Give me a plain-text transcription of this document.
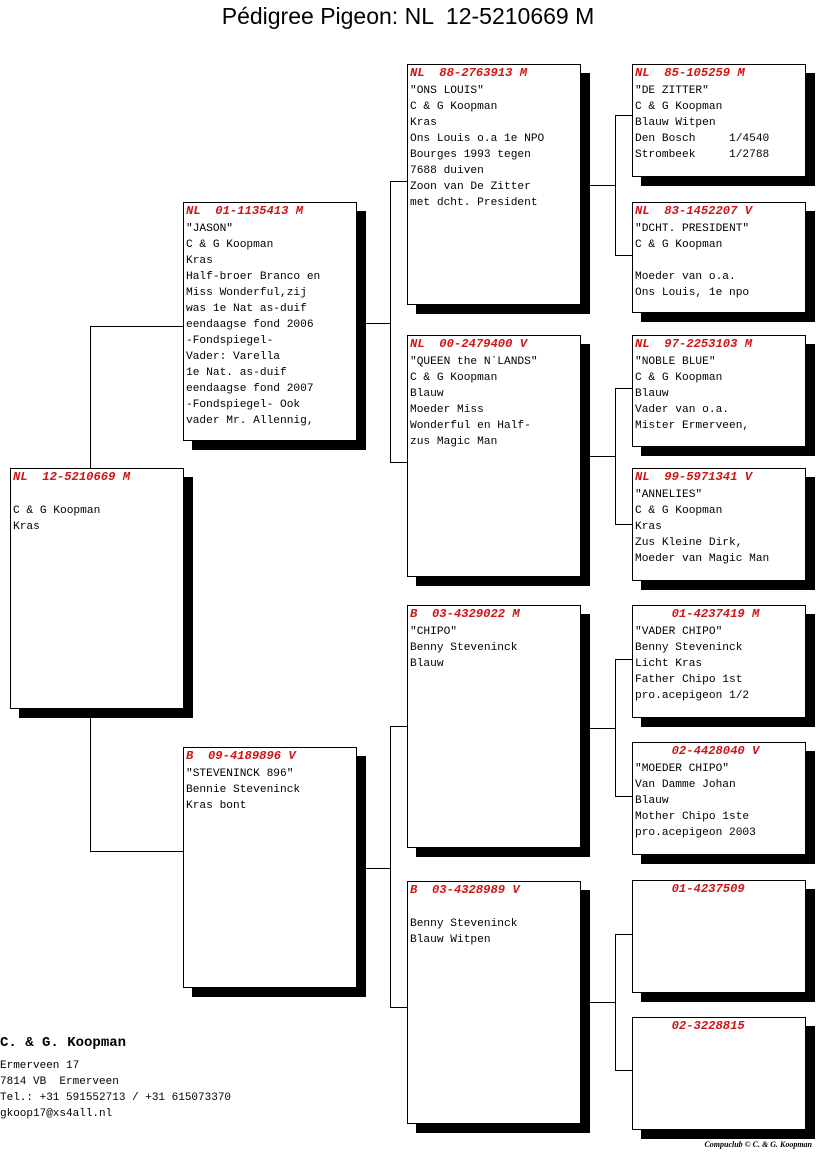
Pédigree Pigeon: NL  12-5210669 M
NL  12-5210669 M
C & G Koopman
Kras
NL  01-1135413 M
"JASON"
C & G Koopman
Kras
Half-broer Branco en
Miss Wonderful,zij
was 1e Nat as-duif
eendaagse fond 2006
-Fondspiegel-
Vader: Varella
1e Nat. as-duif
eendaagse fond 2007
-Fondspiegel- Ook
vader Mr. Allennig,
B  09-4189896 V
"STEVENINCK 896"
Bennie Steveninck
Kras bont
NL  88-2763913 M
"ONS LOUIS"
C & G Koopman
Kras
Ons Louis o.a 1e NPO
Bourges 1993 tegen
7688 duiven
Zoon van De Zitter
met dcht. President
NL  00-2479400 V
"QUEEN the N`LANDS"
C & G Koopman
Blauw
Moeder Miss
Wonderful en Half-
zus Magic Man
B  03-4329022 M
"CHIPO"
Benny Steveninck
Blauw
B  03-4328989 V
Benny Steveninck
Blauw Witpen
NL  85-105259 M
"DE ZITTER"
C & G Koopman
Blauw Witpen
Den Bosch     1/4540
Strombeek     1/2788
NL  83-1452207 V
"DCHT. PRESIDENT"
C & G Koopman
Moeder van o.a.
Ons Louis, 1e npo
NL  97-2253103 M
"NOBLE BLUE"
C & G Koopman
Blauw
Vader van o.a.
Mister Ermerveen,
NL  99-5971341 V
"ANNELIES"
C & G Koopman
Kras
Zus Kleine Dirk,
Moeder van Magic Man
01-4237419 M
"VADER CHIPO"
Benny Steveninck
Licht Kras
Father Chipo 1st
pro.acepigeon 1/2
02-4428040 V
"MOEDER CHIPO"
Van Damme Johan
Blauw
Mother Chipo 1ste
pro.acepigeon 2003
01-4237509
02-3228815
C. & G. Koopman
Ermerveen 17
7814 VB  Ermerveen
Tel.: +31 591552713 / +31 615073370
gkoop17@xs4all.nl
Compuclub © C. & G. Koopman
